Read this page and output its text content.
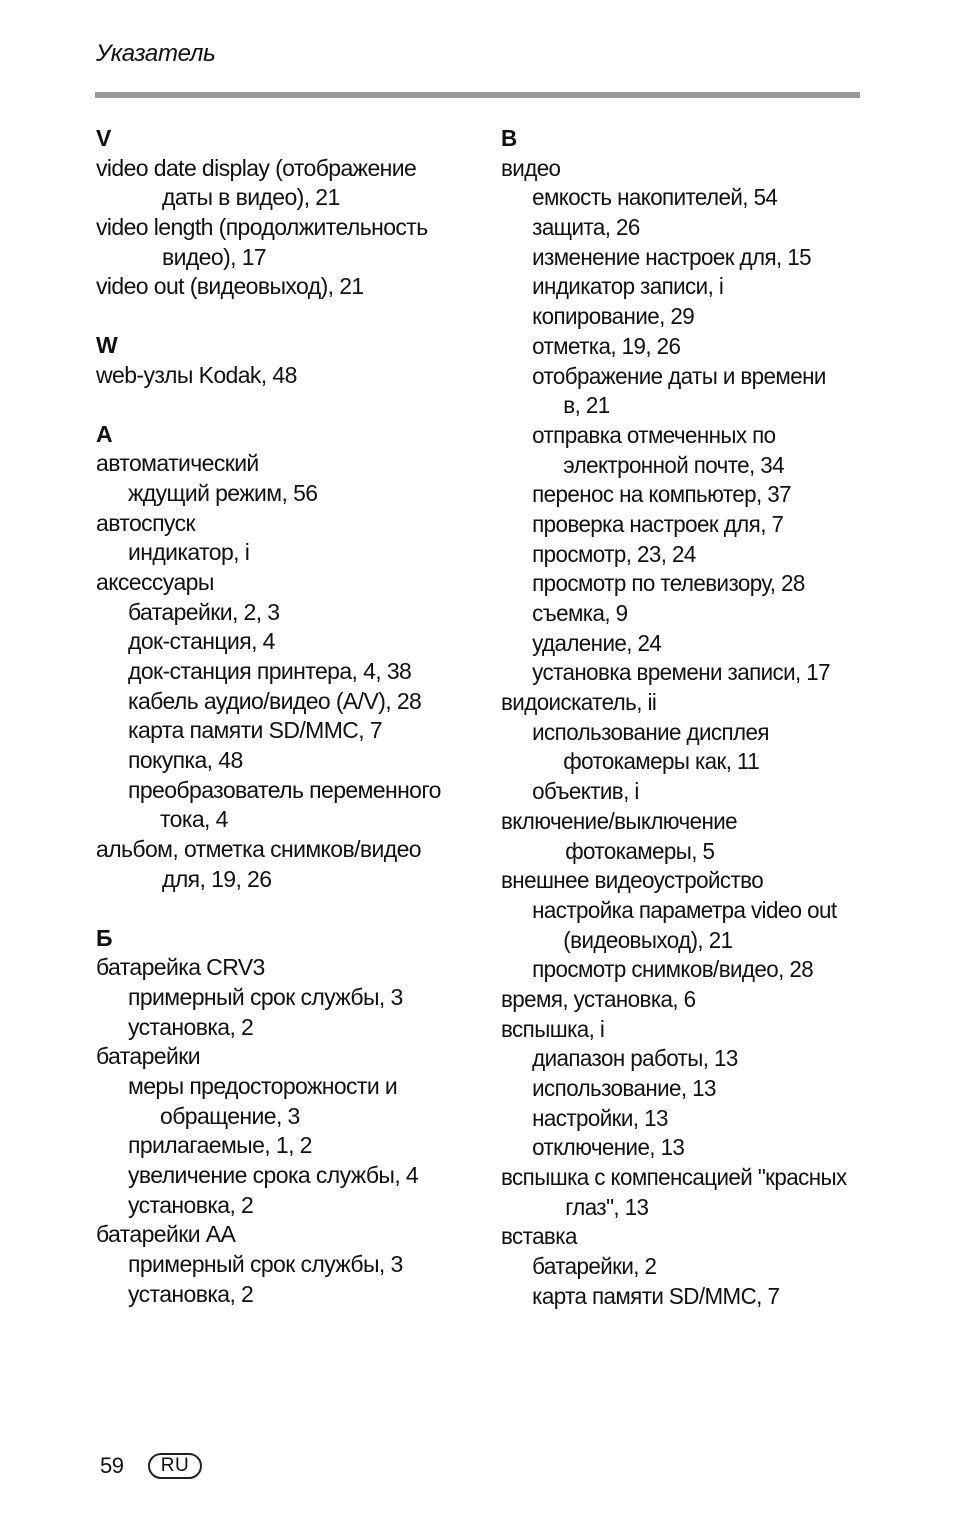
Указатель
V
video date display (отображение
даты в видео), 21
video length (продолжительность
видео), 17
video out (видеовыход), 21
W
web-узлы Kodak, 48
A
автоматический
ждущий режим, 56
автоспуск
индикатор, i
аксессуары
батарейки, 2, 3
док-станция, 4
док-станция принтера, 4, 38
кабель аудио/видео (A/V), 28
карта памяти SD/MMC, 7
покупка, 48
преобразователь переменного
тока, 4
альбом, отметка снимков/видео
для, 19, 26
Б
батарейка CRV3
примерный срок службы, 3
установка, 2
батарейки
меры предосторожности и
обращение, 3
прилагаемые, 1, 2
увеличение срока службы, 4
установка, 2
батарейки AA
примерный срок службы, 3
установка, 2
В
видео
емкость накопителей, 54
защита, 26
изменение настроек для, 15
индикатор записи, i
копирование, 29
отметка, 19, 26
отображение даты и времени
в, 21
отправка отмеченных по
электронной почте, 34
перенос на компьютер, 37
проверка настроек для, 7
просмотр, 23, 24
просмотр по телевизору, 28
съемка, 9
удаление, 24
установка времени записи, 17
видоискатель, ii
использование дисплея
фотокамеры как, 11
объектив, i
включение/выключение
фотокамеры, 5
внешнее видеоустройство
настройка параметра video out
(видеовыход), 21
просмотр снимков/видео, 28
время, установка, 6
вспышка, i
диапазон работы, 13
использование, 13
настройки, 13
отключение, 13
вспышка с компенсацией "красных
глаз", 13
вставка
батарейки, 2
карта памяти SD/MMC, 7
59	RU
